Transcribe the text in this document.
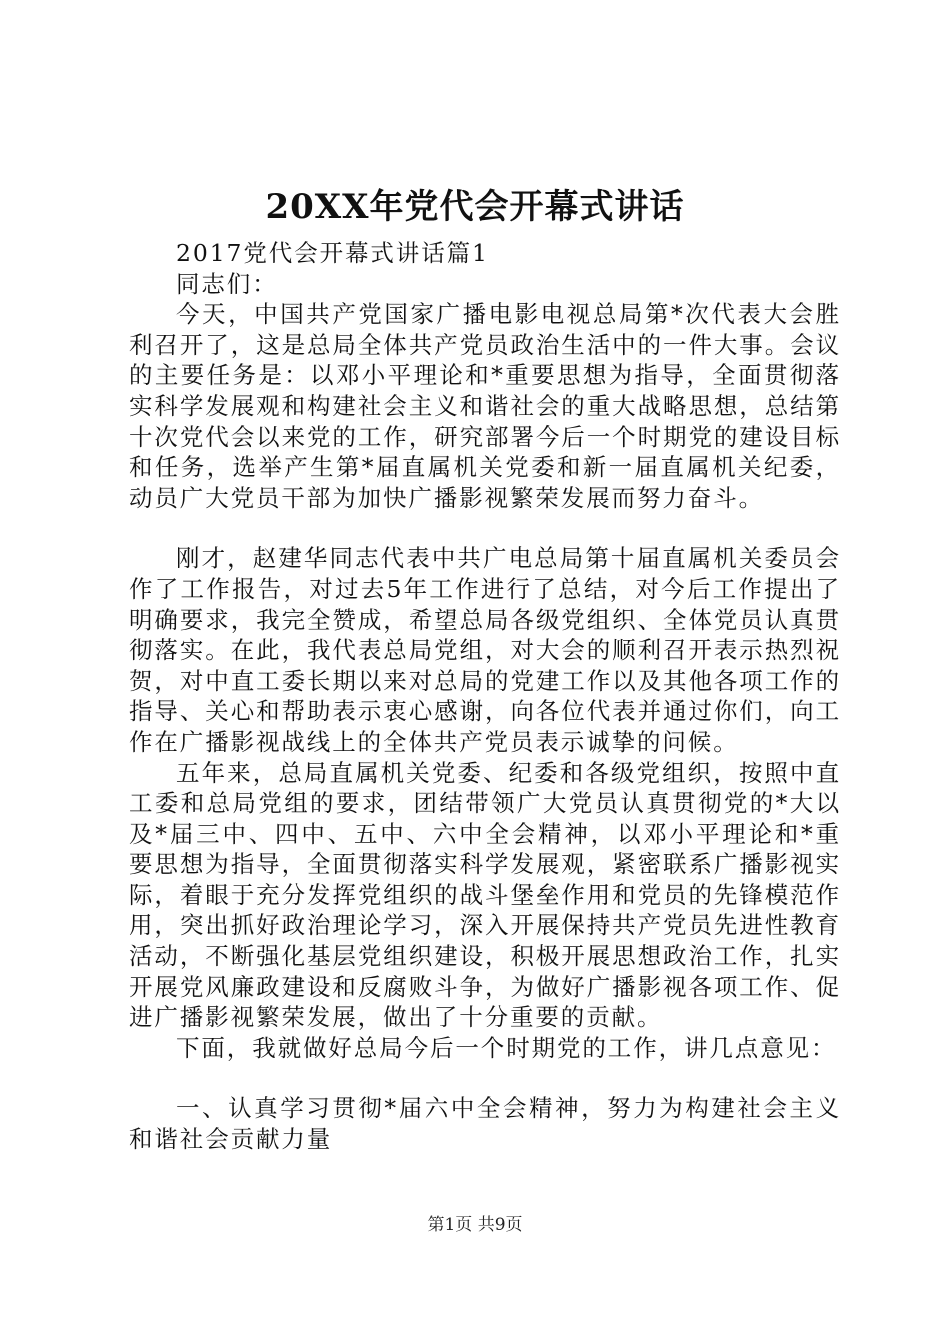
20XX年党代会开幕式讲话

2017党代会开幕式讲话篇1

同志们：

今天，中国共产党国家广播电影电视总局第*次代表大会胜利召开了，这是总局全体共产党员政治生活中的一件大事。会议的主要任务是：以邓小平理论和*重要思想为指导，全面贯彻落实科学发展观和构建社会主义和谐社会的重大战略思想，总结第十次党代会以来党的工作，研究部署今后一个时期党的建设目标和任务，选举产生第*届直属机关党委和新一届直属机关纪委，动员广大党员干部为加快广播影视繁荣发展而努力奋斗。

刚才，赵建华同志代表中共广电总局第十届直属机关委员会作了工作报告，对过去5年工作进行了总结，对今后工作提出了明确要求，我完全赞成，希望总局各级党组织、全体党员认真贯彻落实。在此，我代表总局党组，对大会的顺利召开表示热烈祝贺，对中直工委长期以来对总局的党建工作以及其他各项工作的指导、关心和帮助表示衷心感谢，向各位代表并通过你们，向工作在广播影视战线上的全体共产党员表示诚挚的问候。

五年来，总局直属机关党委、纪委和各级党组织，按照中直工委和总局党组的要求，团结带领广大党员认真贯彻党的*大以及*届三中、四中、五中、六中全会精神，以邓小平理论和*重要思想为指导，全面贯彻落实科学发展观，紧密联系广播影视实际，着眼于充分发挥党组织的战斗堡垒作用和党员的先锋模范作用，突出抓好政治理论学习，深入开展保持共产党员先进性教育活动，不断强化基层党组织建设，积极开展思想政治工作，扎实开展党风廉政建设和反腐败斗争，为做好广播影视各项工作、促进广播影视繁荣发展，做出了十分重要的贡献。

下面，我就做好总局今后一个时期党的工作，讲几点意见：

一、认真学习贯彻*届六中全会精神，努力为构建社会主义和谐社会贡献力量

第1页 共9页
